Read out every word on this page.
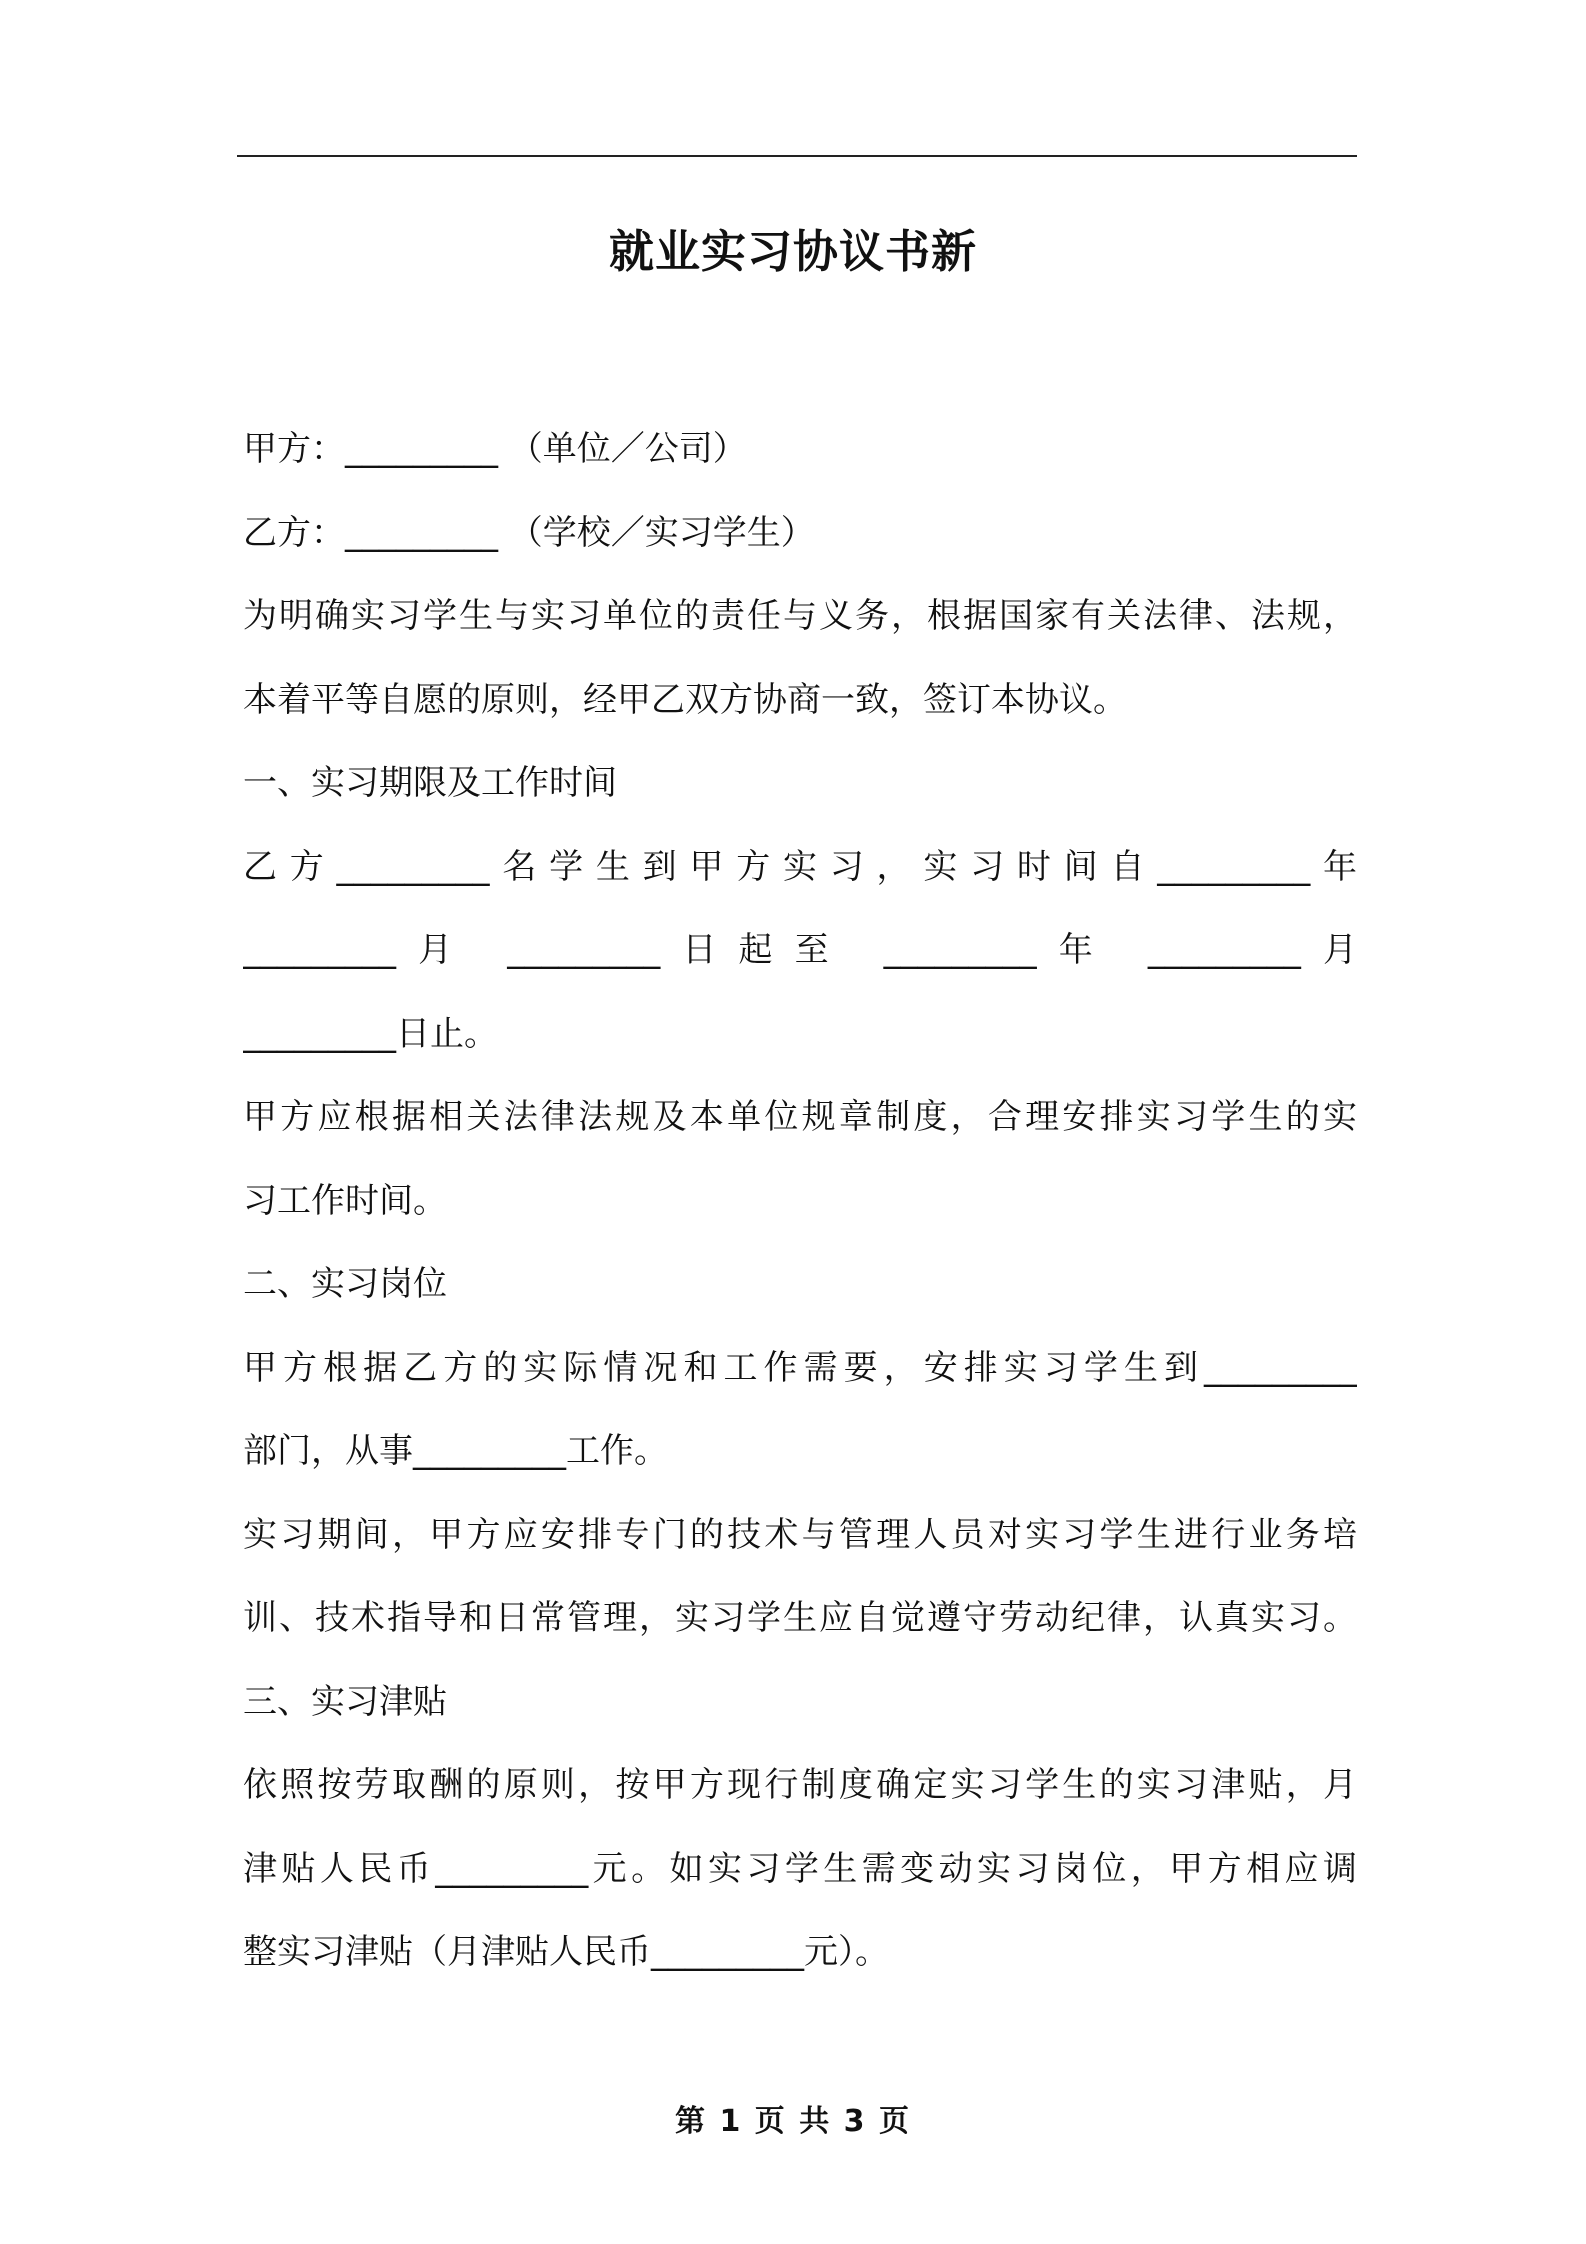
就业实习协议书新
甲方：_________ （单位／公司）
乙方：_________ （学校／实习学生）
为明确实习学生与实习单位的责任与义务，根据国家有关法律、法规，
本着平等自愿的原则，经甲乙双方协商一致，签订本协议。
一、实习期限及工作时间
乙方_________名学生到甲方实习，实习时间自_________年
_________月 _________日起至 _________年 _________月
_________日止。
甲方应根据相关法律法规及本单位规章制度，合理安排实习学生的实
习工作时间。
二、实习岗位
甲方根据乙方的实际情况和工作需要，安排实习学生到_________
部门，从事_________工作。
实习期间，甲方应安排专门的技术与管理人员对实习学生进行业务培
训、技术指导和日常管理，实习学生应自觉遵守劳动纪律，认真实习。
三、实习津贴
依照按劳取酬的原则，按甲方现行制度确定实习学生的实习津贴，月
津贴人民币_________元。如实习学生需变动实习岗位，甲方相应调
整实习津贴（月津贴人民币_________元）。
第 1 页 共 3 页
